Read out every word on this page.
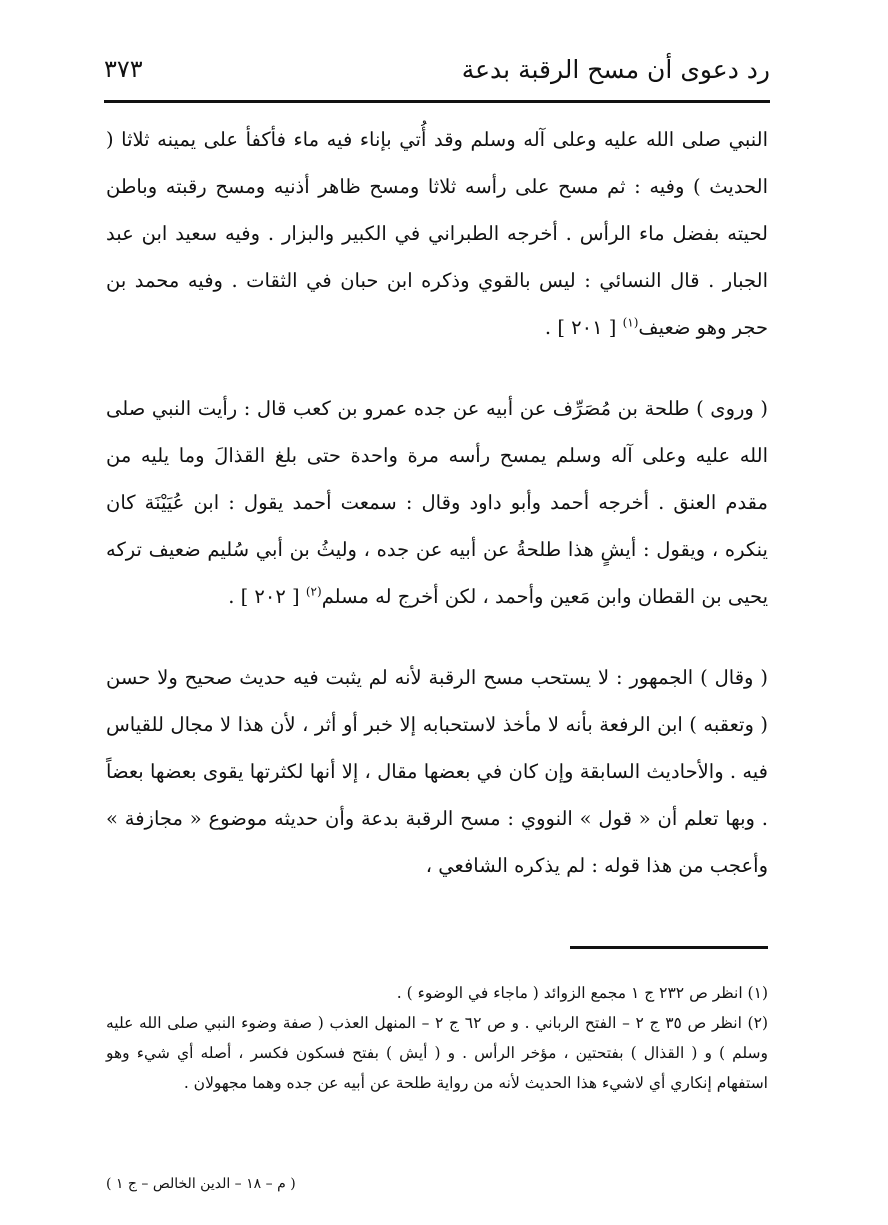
رد دعوى أن مسح الرقبة بدعة
٣٧٣

النبي صلى الله عليه وعلى آله وسلم وقد أُتي بإناء فيه ماء فأكفأ على يمينه ثلاثا ( الحديث ) وفيه : ثم مسح على رأسه ثلاثا ومسح ظاهر أذنيه ومسح رقبته وباطن لحيته بفضل ماء الرأس . أخرجه الطبراني في الكبير والبزار . وفيه سعيد ابن عبد الجبار . قال النسائي : ليس بالقوي وذكره ابن حبان في الثقات . وفيه محمد بن حجر وهو ضعيف$^{(١)}$ [ ٢٠١ ] .

( وروى ) طلحة بن مُصَرِّف عن أبيه عن جده عمرو بن كعب قال : رأيت النبي صلى الله عليه وعلى آله وسلم يمسح رأسه مرة واحدة حتى بلغ القذالَ وما يليه من مقدم العنق . أخرجه أحمد وأبو داود وقال : سمعت أحمد يقول : ابن عُيَيْنَة كان ينكره ، ويقول : أيشٍ هذا طلحةُ عن أبيه عن جده ، وليثُ بن أبي سُليم ضعيف تركه يحيى بن القطان وابن مَعين وأحمد ، لكن أخرج له مسلم$^{(٢)}$ [ ٢٠٢ ] .

( وقال ) الجمهور : لا يستحب مسح الرقبة لأنه لم يثبت فيه حديث صحيح ولا حسن ( وتعقبه ) ابن الرفعة بأنه لا مأخذ لاستحبابه إلا خبر أو أثر ، لأن هذا لا مجال للقياس فيه . والأحاديث السابقة وإن كان في بعضها مقال ، إلا أنها لكثرتها يقوى بعضها بعضاً . وبها تعلم أن « قول » النووي : مسح الرقبة بدعة وأن حديثه موضوع « مجازفة » وأعجب من هذا قوله : لم يذكره الشافعي ،

(١) انظر ص ٢٣٢ ج ١ مجمع الزوائد ( ماجاء في الوضوء ) .

(٢) انظر ص ٣٥ ج ٢ – الفتح الرباني . و ص ٦٢ ج ٢ – المنهل العذب ( صفة وضوء النبي صلى الله عليه وسلم ) و ( القذال ) بفتحتين ، مؤخر الرأس . و ( أيش ) بفتح فسكون فكسر ، أصله أي شيء وهو استفهام إنكاري أي لاشيء هذا الحديث لأنه من رواية طلحة عن أبيه عن جده وهما مجهولان .

( م – ١٨ – الدين الخالص – ج ١ )
